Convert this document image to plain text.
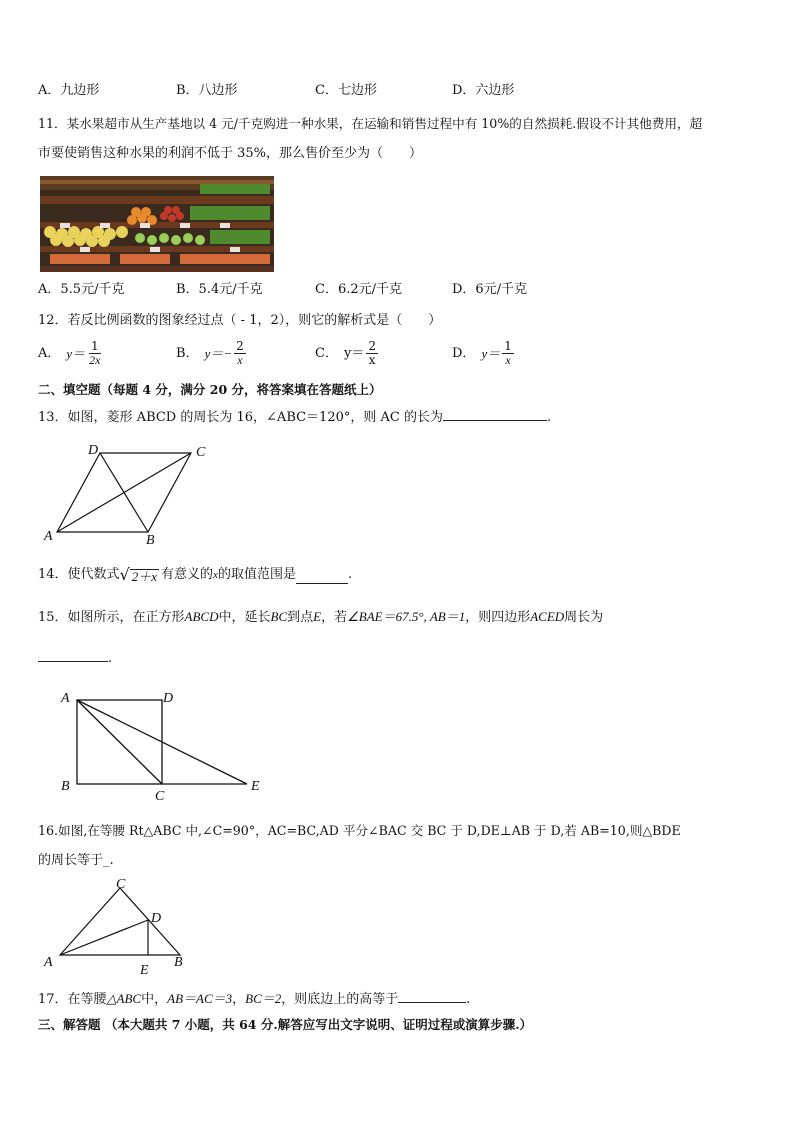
A．九边形	B．八边形	C．七边形	D．六边形
11．某水果超市从生产基地以 4 元/千克购进一种水果，在运输和销售过程中有 10%的自然损耗.假设不计其他费用，超
市要使销售这种水果的利润不低于 35%，那么售价至少为（　　）
A．5.5元/千克	B．5.4元/千克	C．6.2元/千克	D．6元/千克
12．若反比例函数的图象经过点（ - 1，2），则它的解析式是（　　）
A． $y= \frac{1}{2x}$	B． $y=- \frac{2}{x}$	C． $y= \frac{2}{x}$	D． $y= \frac{1}{x}$
二、填空题（每题 4 分，满分 20 分，将答案填在答题纸上）
13．如图，菱形 ABCD 的周长为 16，∠ABC＝120°，则 AC 的长为	.
D	C
A	B
14．使代数式 √ 2＋x 有意义的 x 的取值范围是	.
15．如图所示，在正方形ABCD中，延长BC到点E，若∠BAE＝67.5°, AB＝1，则四边形ACED周长为
.
A	D
B
C
E
16.如图,在等腰 Rt△ABC 中,∠C=90°，AC=BC,AD 平分∠BAC 交 BC 于 D,DE⊥AB 于 D,若 AB=10,则△BDE
的周长等于_.
C
D
A	B
E
17．在等腰△ABC中，AB＝AC＝3，BC＝2，则底边上的高等于	.
三、解答题 （本大题共 7 小题，共 64 分.解答应写出文字说明、证明过程或演算步骤.）
